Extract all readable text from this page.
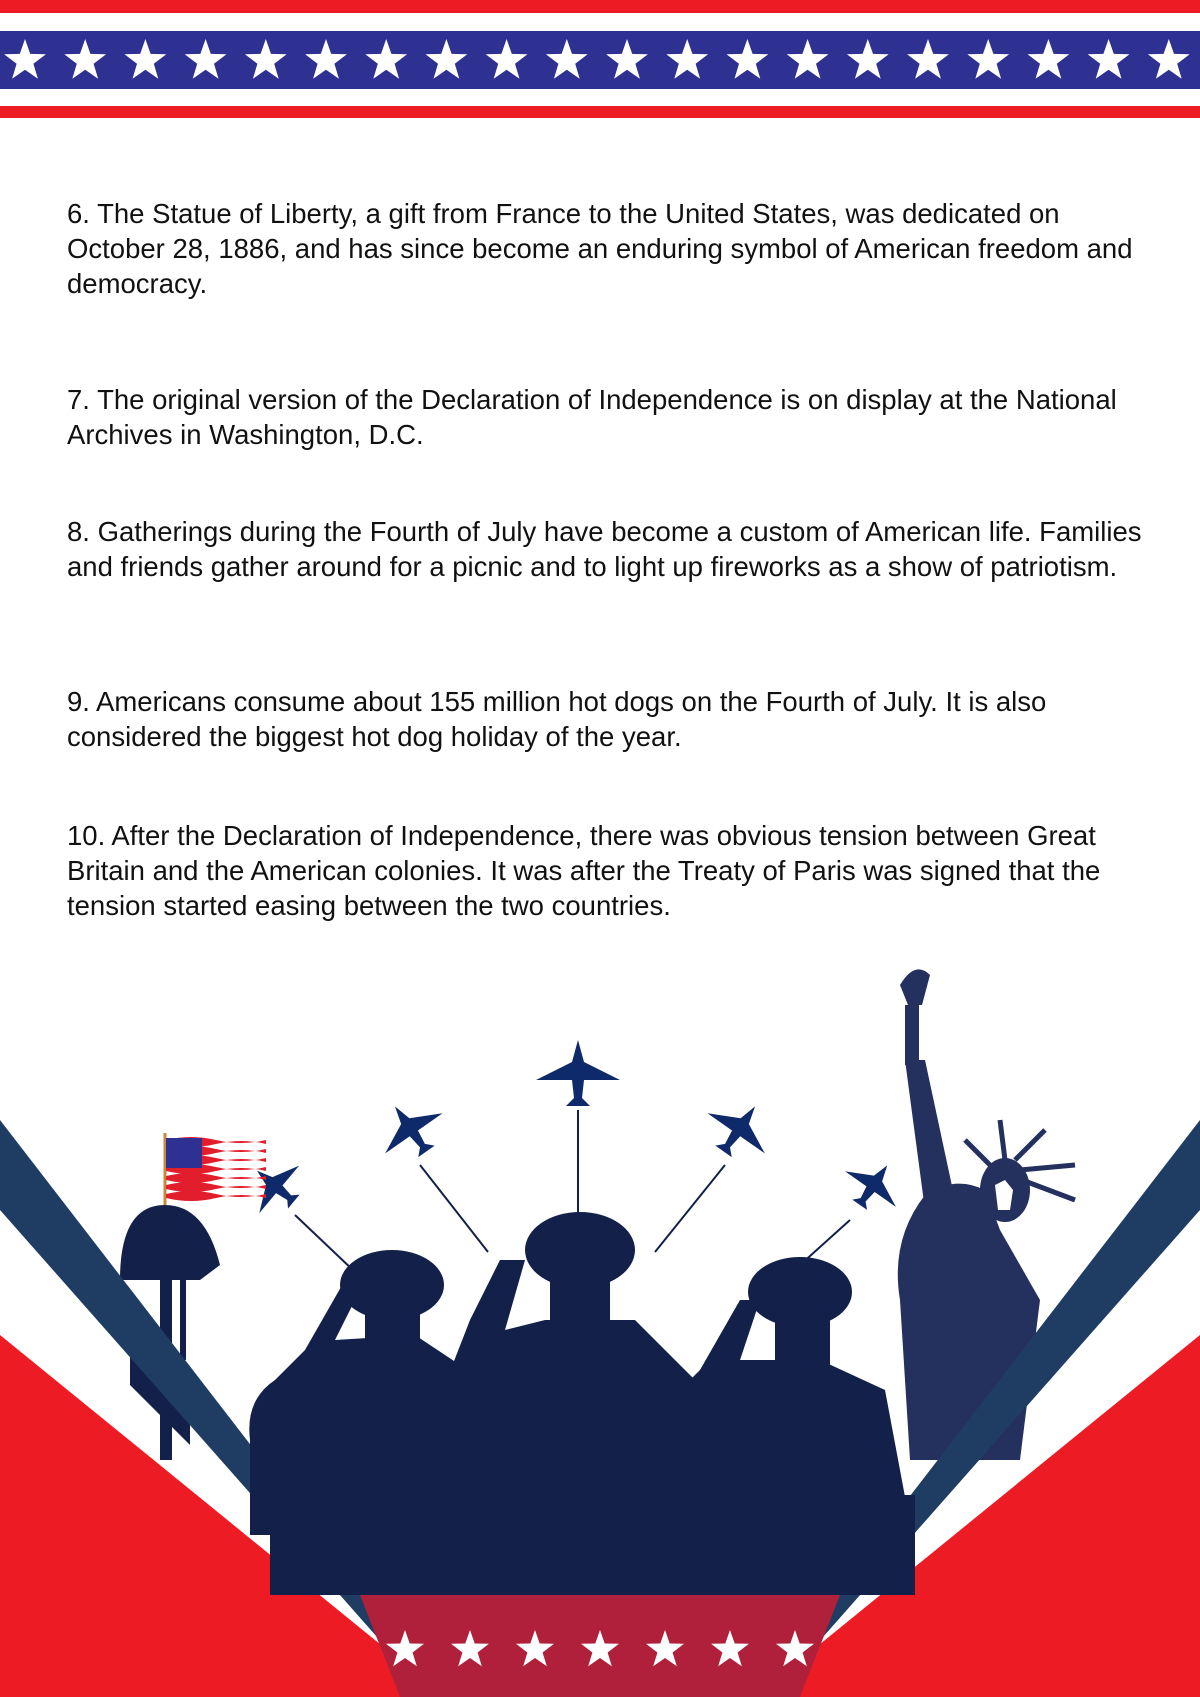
6. The Statue of Liberty, a gift from France to the United States, was dedicated on October 28, 1886, and has since become an enduring symbol of American freedom and democracy.

7. The original version of the Declaration of Independence is on display at the National Archives in Washington, D.C.

8. Gatherings during the Fourth of July have become a custom of American life. Families and friends gather around for a picnic and to light up fireworks as a show of patriotism.

9. Americans consume about 155 million hot dogs on the Fourth of July. It is also considered the biggest hot dog holiday of the year.

10. After the Declaration of Independence, there was obvious tension between Great Britain and the American colonies. It was after the Treaty of Paris was signed that the tension started easing between the two countries.
